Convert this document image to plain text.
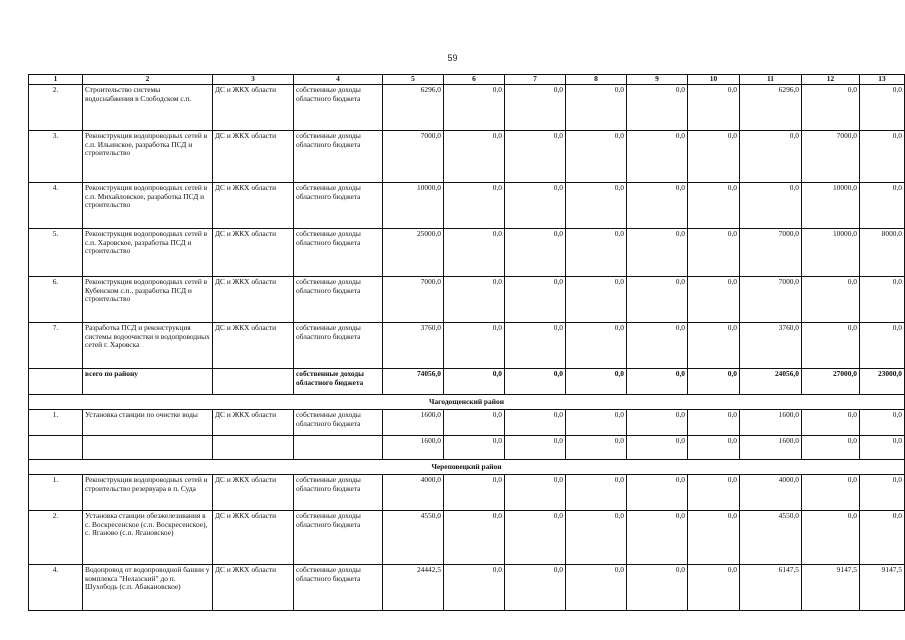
59
1	2	3	4	5	6	7	8	9	10	11	12	13
2.	Строительство системы водоснабжения в Слободском с.п.	ДС и ЖКХ области	собственные доходы областного бюджета	6296,0	0,0	0,0	0,0	0,0	0,0	6296,0	0,0	0,0
3.	Реконструкция водопроводных сетей в с.п. Ильинское, разработка ПСД и строительство	ДС и ЖКХ области	собственные доходы областного бюджета	7000,0	0,0	0,0	0,0	0,0	0,0	0,0	7000,0	0,0
4.	Реконструкция водопроводных сетей в с.п. Михайловское, разработка ПСД и строительство	ДС и ЖКХ области	собственные доходы областного бюджета	10000,0	0,0	0,0	0,0	0,0	0,0	0,0	10000,0	0,0
5.	Реконструкция водопроводных сетей в с.п. Харовское, разработка ПСД и строительство	ДС и ЖКХ области	собственные доходы областного бюджета	25000,0	0,0	0,0	0,0	0,0	0,0	7000,0	10000,0	8000,0
6.	Реконструкция водопроводных сетей в Кубенском с.п., разработка ПСД и строительство	ДС и ЖКХ области	собственные доходы областного бюджета	7000,0	0,0	0,0	0,0	0,0	0,0	7000,0	0,0	0,0
7.	Разработка ПСД и реконструкция системы водоочистки и водопроводных сетей г. Харовска	ДС и ЖКХ области	собственные доходы областного бюджета	3760,0	0,0	0,0	0,0	0,0	0,0	3760,0	0,0	0,0
	всего по району		собственные доходы областного бюджета	74056,0	0,0	0,0	0,0	0,0	0,0	24056,0	27000,0	23000,0
Чагодощенский район												
1.	Установка станции по очистке воды	ДС и ЖКХ области	собственные доходы областного бюджета	1600,0	0,0	0,0	0,0	0,0	0,0	1600,0	0,0	0,0
				1600,0	0,0	0,0	0,0	0,0	0,0	1600,0	0,0	0,0
Череповецкий район												
1.	Реконструкция водопроводных сетей и строительство резервуара в п. Суда	ДС и ЖКХ области	собственные доходы областного бюджета	4000,0	0,0	0,0	0,0	0,0	0,0	4000,0	0,0	0,0
2.	Установка станции обезжелезивания в с. Воскресенское (с.п. Воскресенское), с. Яганово (с.п. Ягановское)	ДС и ЖКХ области	собственные доходы областного бюджета	4550,0	0,0	0,0	0,0	0,0	0,0	4550,0	0,0	0,0
4.	Водопровод от водопроводной башни у комплекса "Нелазский" до п. Шухободь (с.п. Абакановское)	ДС и ЖКХ области	собственные доходы областного бюджета	24442,5	0,0	0,0	0,0	0,0	0,0	6147,5	9147,5	9147,5
